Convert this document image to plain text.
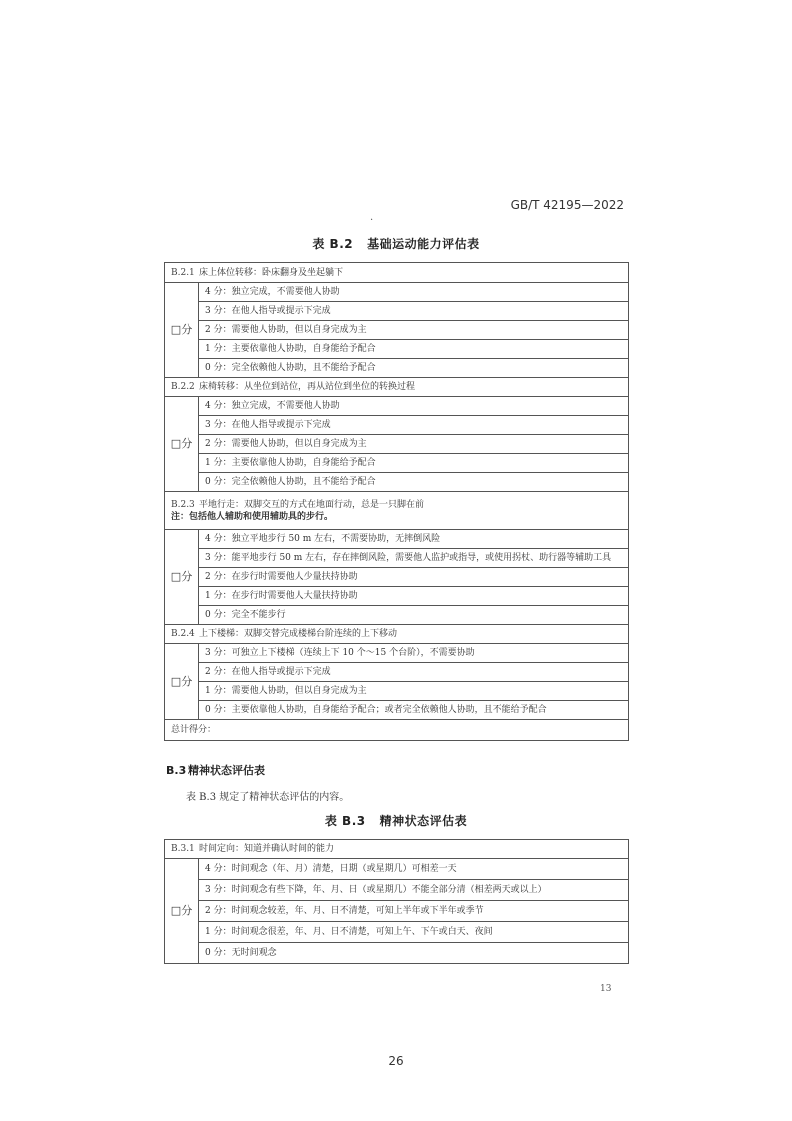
GB/T 42195—2022
.
表 B.2 基础运动能力评估表
B.2.1 床上体位转移：卧床翻身及坐起躺下	
□分	4 分：独立完成，不需要他人协助
	3 分：在他人指导或提示下完成
	2 分：需要他人协助，但以自身完成为主
	1 分：主要依靠他人协助，自身能给予配合
	0 分：完全依赖他人协助，且不能给予配合
B.2.2 床椅转移：从坐位到站位，再从站位到坐位的转换过程	
□分	4 分：独立完成，不需要他人协助
	3 分：在他人指导或提示下完成
	2 分：需要他人协助，但以自身完成为主
	1 分：主要依靠他人协助，自身能给予配合
	0 分：完全依赖他人协助，且不能给予配合

B.2.3 平地行走：双脚交互的方式在地面行动，总是一只脚在前
注：包括他人辅助和使用辅助具的步行。	

□分	4 分：独立平地步行 50 m 左右，不需要协助，无摔倒风险
	3 分：能平地步行 50 m 左右，存在摔倒风险，需要他人监护或指导，或使用拐杖、助行器等辅助工具
	2 分：在步行时需要他人少量扶持协助
	1 分：在步行时需要他人大量扶持协助
	0 分：完全不能步行
B.2.4 上下楼梯：双脚交替完成楼梯台阶连续的上下移动	
□分	3 分：可独立上下楼梯（连续上下 10 个～15 个台阶），不需要协助
	2 分：在他人指导或提示下完成
	1 分：需要他人协助，但以自身完成为主
	0 分：主要依靠他人协助，自身能给予配合；或者完全依赖他人协助，且不能给予配合
总计得分：	
B.3 精神状态评估表
表 B.3 规定了精神状态评估的内容。
表 B.3 精神状态评估表
B.3.1 时间定向：知道并确认时间的能力
□分	4 分：时间观念（年、月）清楚，日期（或星期几）可相差一天
3 分：时间观念有些下降，年、月、日（或星期几）不能全部分清（相差两天或以上）
2 分：时间观念较差，年、月、日不清楚，可知上半年或下半年或季节
1 分：时间观念很差，年、月、日不清楚，可知上午、下午或白天、夜间
0 分：无时间观念
13
26
